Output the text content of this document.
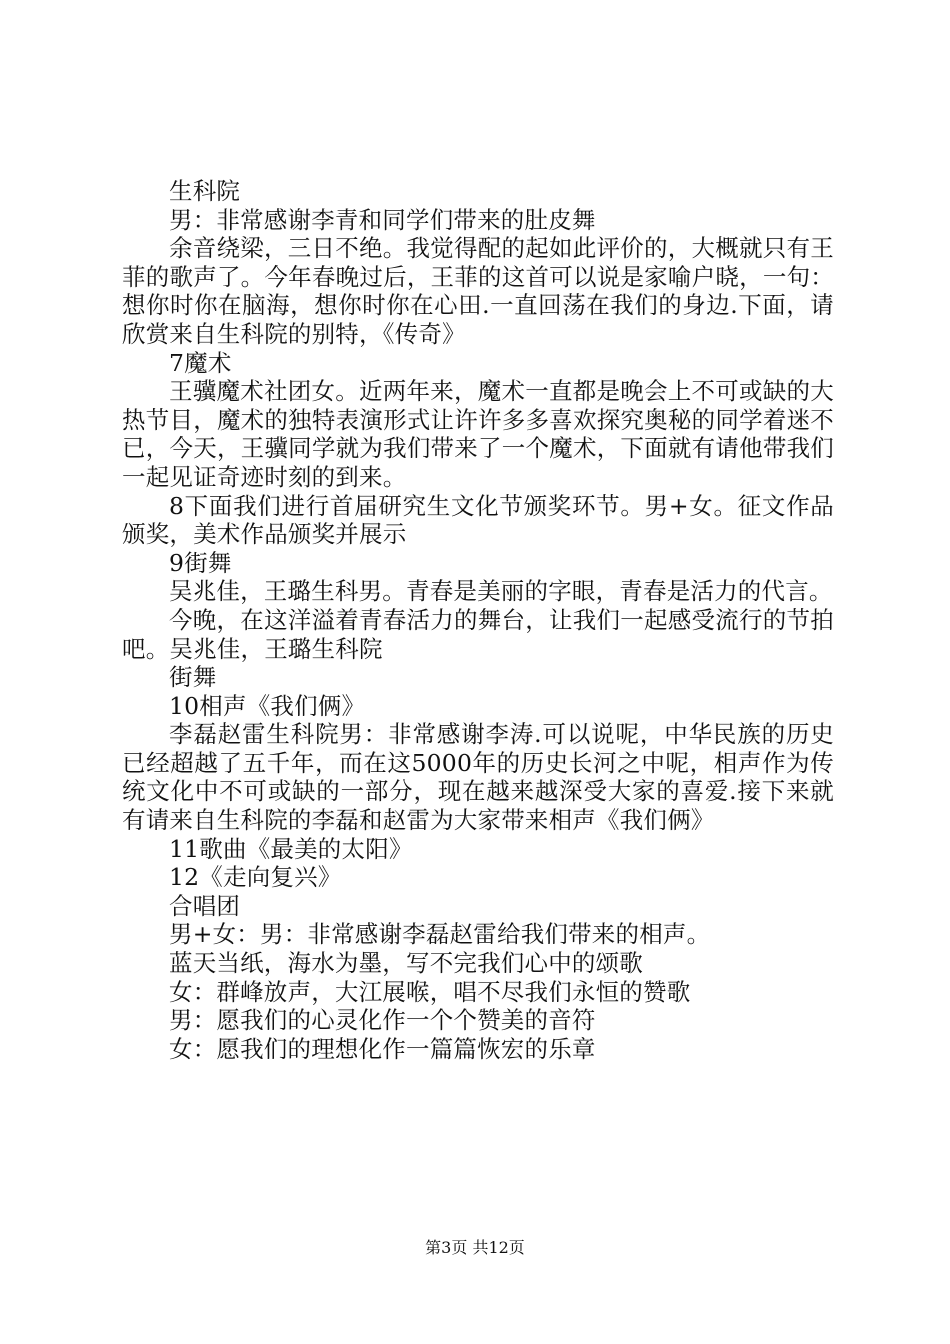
生科院

男：非常感谢李青和同学们带来的肚皮舞

余音绕梁，三日不绝。我觉得配的起如此评价的，大概就只有王菲的歌声了。今年春晚过后，王菲的这首可以说是家喻户晓，一句：想你时你在脑海，想你时你在心田.一直回荡在我们的身边.下面，请欣赏来自生科院的别特，《传奇》

7魔术

王骥魔术社团女。近两年来，魔术一直都是晚会上不可或缺的大热节目，魔术的独特表演形式让许许多多喜欢探究奥秘的同学着迷不已，今天，王骥同学就为我们带来了一个魔术，下面就有请他带我们一起见证奇迹时刻的到来。

8下面我们进行首届研究生文化节颁奖环节。男+女。征文作品颁奖，美术作品颁奖并展示

9街舞

吴兆佳，王璐生科男。青春是美丽的字眼，青春是活力的代言。

今晚，在这洋溢着青春活力的舞台，让我们一起感受流行的节拍吧。吴兆佳，王璐生科院

街舞

10相声《我们俩》

李磊赵雷生科院男：非常感谢李涛.可以说呢，中华民族的历史已经超越了五千年，而在这5000年的历史长河之中呢，相声作为传统文化中不可或缺的一部分，现在越来越深受大家的喜爱.接下来就有请来自生科院的李磊和赵雷为大家带来相声《我们俩》

11歌曲《最美的太阳》

12《走向复兴》

合唱团

男+女：男：非常感谢李磊赵雷给我们带来的相声。

蓝天当纸，海水为墨，写不完我们心中的颂歌

女：群峰放声，大江展喉，唱不尽我们永恒的赞歌

男：愿我们的心灵化作一个个赞美的音符

女：愿我们的理想化作一篇篇恢宏的乐章

第3页 共12页
